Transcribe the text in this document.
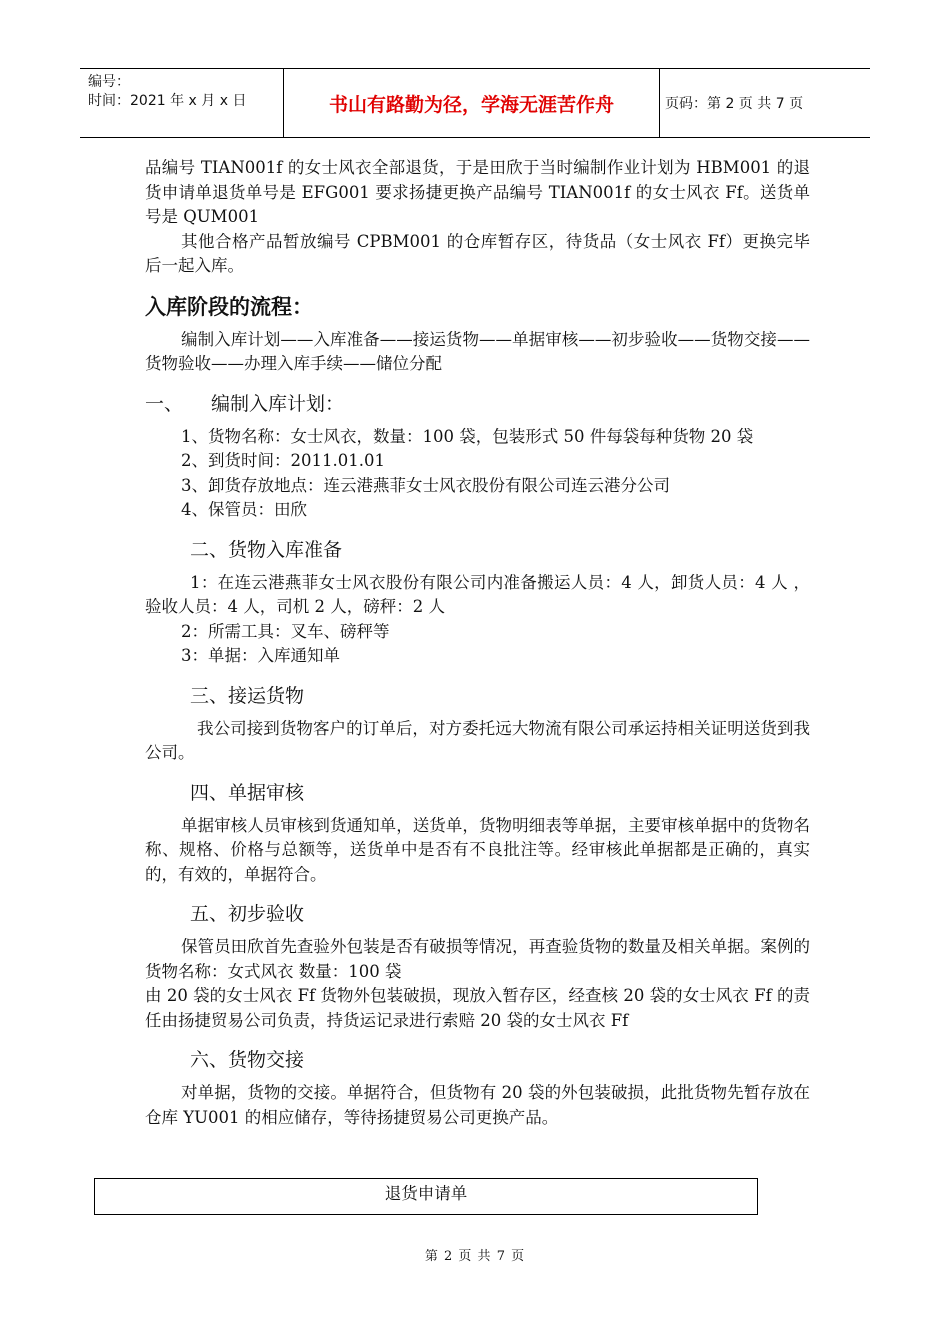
编号：
时间：2021 年 x 月 x 日	书山有路勤为径，学海无涯苦作舟	页码：第 2 页 共 7 页

品编号 TIAN001f 的女士风衣全部退货，于是田欣于当时编制作业计划为 HBM001 的退货申请单退货单号是 EFG001 要求扬捷更换产品编号 TIAN001f 的女士风衣 Ff。送货单号是 QUM001

其他合格产品暂放编号 CPBM001 的仓库暂存区，待货品（女士风衣 Ff）更换完毕后一起入库。

入库阶段的流程：

编制入库计划——入库准备——接运货物——单据审核——初步验收——货物交接——货物验收——办理入库手续——储位分配

一、 编制入库计划：

1、货物名称：女士风衣，数量：100 袋，包装形式 50 件每袋每种货物 20 袋

2、到货时间：2011.01.01

3、卸货存放地点：连云港燕菲女士风衣股份有限公司连云港分公司

4、保管员：田欣

二、货物入库准备

1：在连云港燕菲女士风衣股份有限公司内准备搬运人员：4 人，卸货人员：4 人 ，验收人员：4 人，司机 2 人，磅秤：2 人

2：所需工具：叉车、磅秤等

3：单据：入库通知单

三、接运货物

我公司接到货物客户的订单后，对方委托远大物流有限公司承运持相关证明送货到我公司。

四、单据审核

单据审核人员审核到货通知单，送货单，货物明细表等单据，主要审核单据中的货物名称、规格、价格与总额等，送货单中是否有不良批注等。经审核此单据都是正确的，真实的，有效的，单据符合。

五、初步验收

保管员田欣首先查验外包装是否有破损等情况，再查验货物的数量及相关单据。案例的货物名称：女式风衣 数量：100 袋

由 20 袋的女士风衣 Ff 货物外包装破损，现放入暂存区，经查核 20 袋的女士风衣 Ff 的责任由扬捷贸易公司负责，持货运记录进行索赔 20 袋的女士风衣 Ff

六、货物交接

对单据，货物的交接。单据符合，但货物有 20 袋的外包装破损，此批货物先暂存放在仓库 YU001 的相应储存，等待扬捷贸易公司更换产品。

退货申请单
第 2 页 共 7 页
